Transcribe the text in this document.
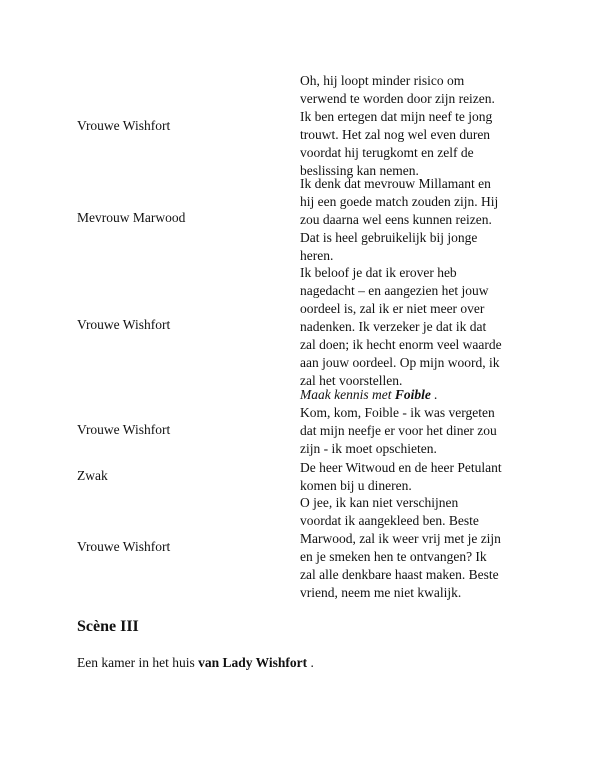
Vrouwe Wishfort
Oh, hij loopt minder risico om
verwend te worden door zijn reizen.
Ik ben ertegen dat mijn neef te jong
trouwt. Het zal nog wel even duren
voordat hij terugkomt en zelf de
beslissing kan nemen.
Mevrouw Marwood
Ik denk dat mevrouw Millamant en
hij een goede match zouden zijn. Hij
zou daarna wel eens kunnen reizen.
Dat is heel gebruikelijk bij jonge
heren.
Vrouwe Wishfort
Ik beloof je dat ik erover heb
nagedacht – en aangezien het jouw
oordeel is, zal ik er niet meer over
nadenken. Ik verzeker je dat ik dat
zal doen; ik hecht enorm veel waarde
aan jouw oordeel. Op mijn woord, ik
zal het voorstellen.
Maak kennis met Foible .
Vrouwe Wishfort
Kom, kom, Foible - ik was vergeten
dat mijn neefje er voor het diner zou
zijn - ik moet opschieten.
Zwak
De heer Witwoud en de heer Petulant
komen bij u dineren.
Vrouwe Wishfort
O jee, ik kan niet verschijnen
voordat ik aangekleed ben. Beste
Marwood, zal ik weer vrij met je zijn
en je smeken hen te ontvangen? Ik
zal alle denkbare haast maken. Beste
vriend, neem me niet kwalijk.
Scène III
Een kamer in het huis van Lady Wishfort .
